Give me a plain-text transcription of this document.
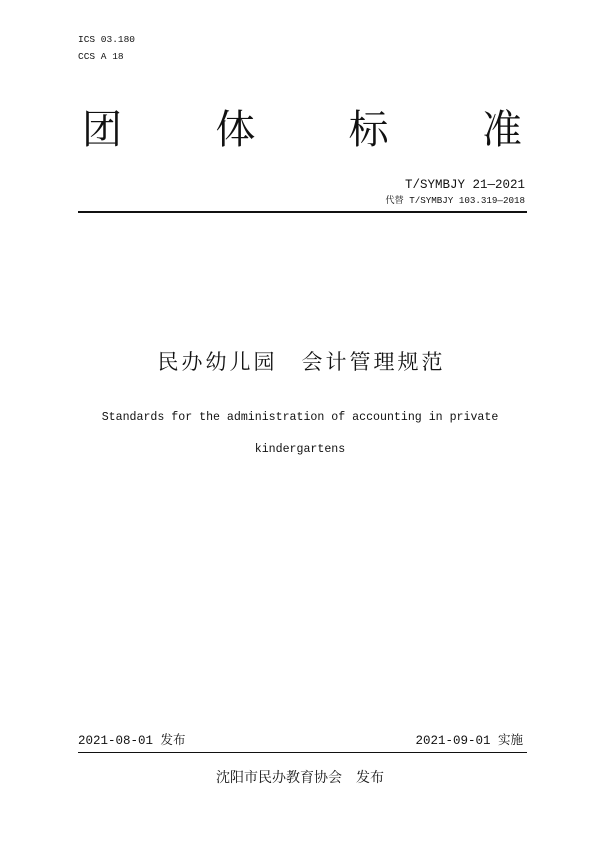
ICS 03.180
CCS A 18
团 体 标 准
T/SYMBJY 21—2021
代替 T/SYMBJY 103.319—2018
民办幼儿园　会计管理规范
Standards for the administration of accounting in private
kindergartens
2021-08-01 发布	2021-09-01 实施
沈阳市民办教育协会　发布
